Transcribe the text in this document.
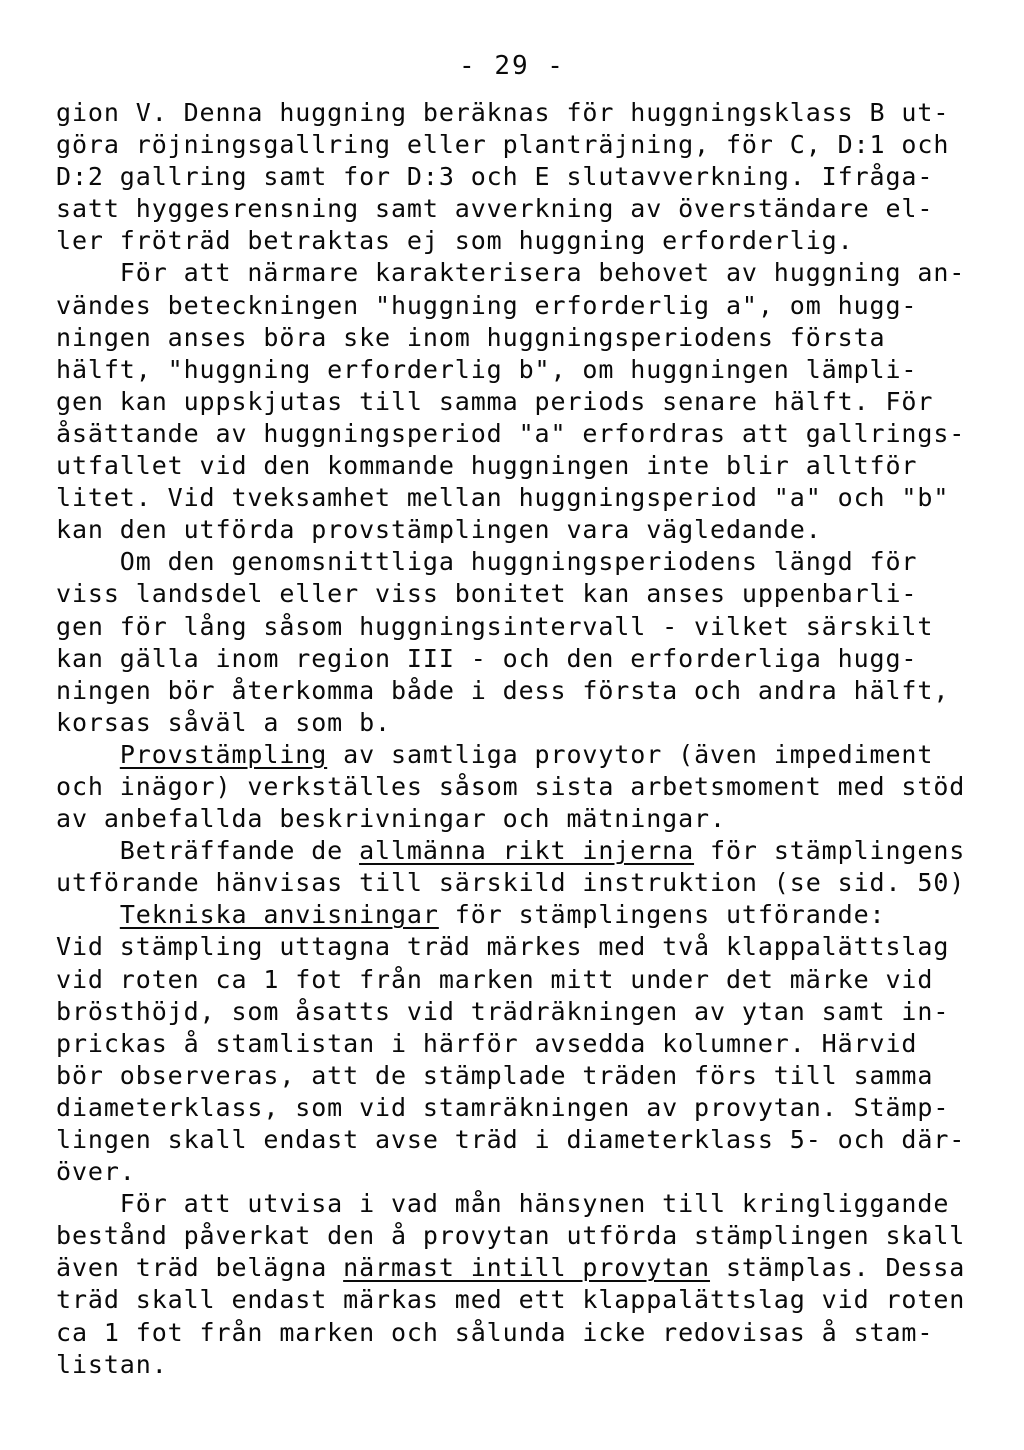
- 29 -
gion V. Denna huggning beräknas för huggningsklass B ut-
göra röjningsgallring eller planträjning, för C, D:1 och
D:2 gallring samt for D:3 och E slutavverkning. Ifråga-
satt hyggesrensning samt avverkning av överständare el-
ler fröträd betraktas ej som huggning erforderlig.
För att närmare karakterisera behovet av huggning an-
vändes beteckningen "huggning erforderlig a", om hugg-
ningen anses böra ske inom huggningsperiodens första
hälft, "huggning erforderlig b", om huggningen lämpli-
gen kan uppskjutas till samma periods senare hälft. För
åsättande av huggningsperiod "a" erfordras att gallrings-
utfallet vid den kommande huggningen inte blir alltför
litet. Vid tveksamhet mellan huggningsperiod "a" och "b"
kan den utförda provstämplingen vara vägledande.
Om den genomsnittliga huggningsperiodens längd för
viss landsdel eller viss bonitet kan anses uppenbarli-
gen för lång såsom huggningsintervall - vilket särskilt
kan gälla inom region III - och den erforderliga hugg-
ningen bör återkomma både i dess första och andra hälft,
korsas såväl a som b.
Provstämpling av samtliga provytor (även impediment
och inägor) verkställes såsom sista arbetsmoment med stöd
av anbefallda beskrivningar och mätningar.
Beträffande de allmänna rikt injerna för stämplingens
utförande hänvisas till särskild instruktion (se sid. 50)
Tekniska anvisningar för stämplingens utförande:
Vid stämpling uttagna träd märkes med två klappalättslag
vid roten ca 1 fot från marken mitt under det märke vid
brösthöjd, som åsatts vid trädräkningen av ytan samt in-
prickas å stamlistan i härför avsedda kolumner. Härvid
bör observeras, att de stämplade träden förs till samma
diameterklass, som vid stamräkningen av provytan. Stämp-
lingen skall endast avse träd i diameterklass 5- och där-
över.
För att utvisa i vad mån hänsynen till kringliggande
bestånd påverkat den å provytan utförda stämplingen skall
även träd belägna närmast intill provytan stämplas. Dessa
träd skall endast märkas med ett klappalättslag vid roten
ca 1 fot från marken och sålunda icke redovisas å stam-
listan.
